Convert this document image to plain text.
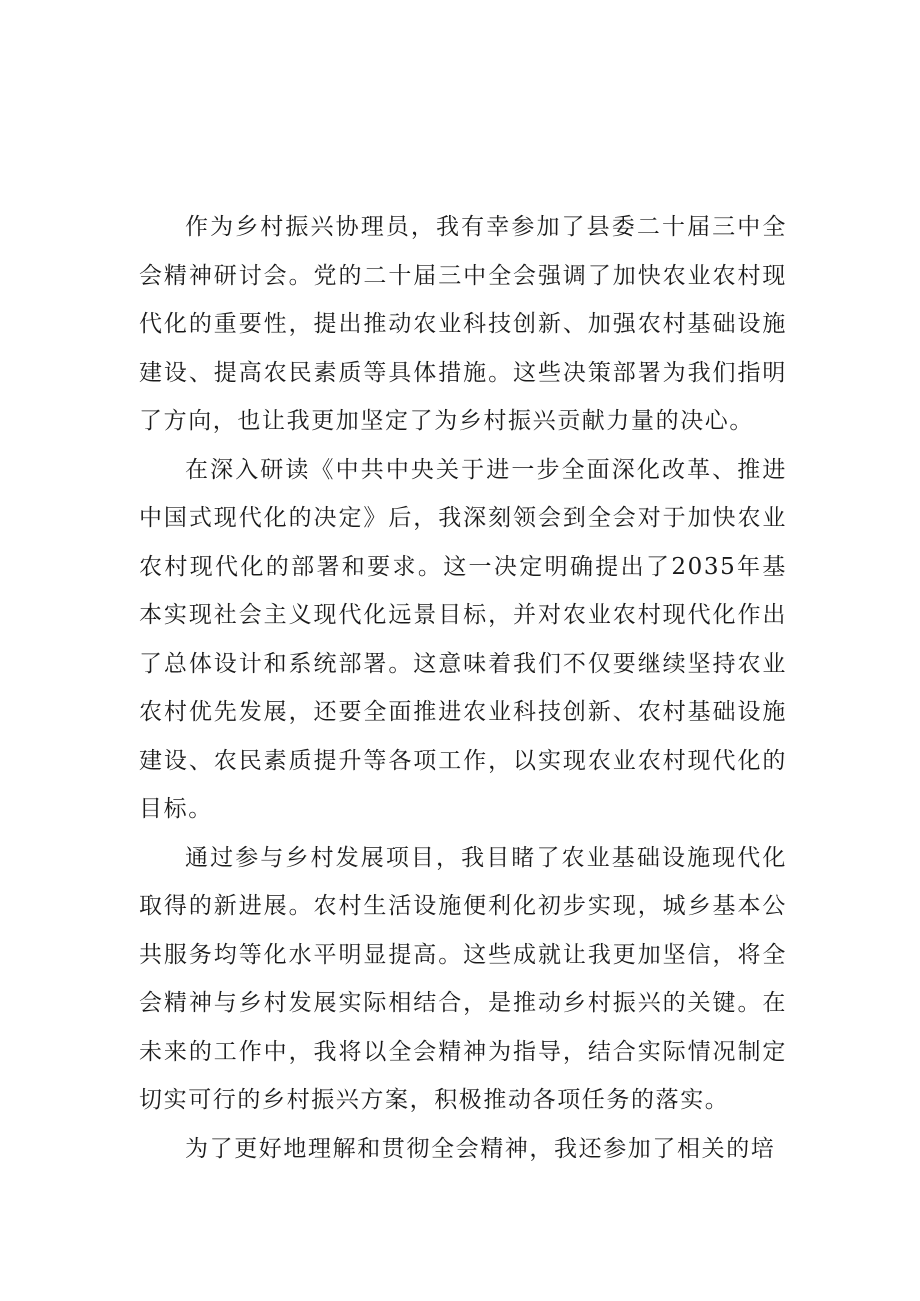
作为乡村振兴协理员，我有幸参加了县委二十届三中全会精神研讨会。党的二十届三中全会强调了加快农业农村现代化的重要性，提出推动农业科技创新、加强农村基础设施建设、提高农民素质等具体措施。这些决策部署为我们指明了方向，也让我更加坚定了为乡村振兴贡献力量的决心。

在深入研读《中共中央关于进一步全面深化改革、推进中国式现代化的决定》后，我深刻领会到全会对于加快农业农村现代化的部署和要求。这一决定明确提出了2035年基本实现社会主义现代化远景目标，并对农业农村现代化作出了总体设计和系统部署。这意味着我们不仅要继续坚持农业农村优先发展，还要全面推进农业科技创新、农村基础设施建设、农民素质提升等各项工作，以实现农业农村现代化的目标。

通过参与乡村发展项目，我目睹了农业基础设施现代化取得的新进展。农村生活设施便利化初步实现，城乡基本公共服务均等化水平明显提高。这些成就让我更加坚信，将全会精神与乡村发展实际相结合，是推动乡村振兴的关键。在未来的工作中，我将以全会精神为指导，结合实际情况制定切实可行的乡村振兴方案，积极推动各项任务的落实。

为了更好地理解和贯彻全会精神，我还参加了相关的培
